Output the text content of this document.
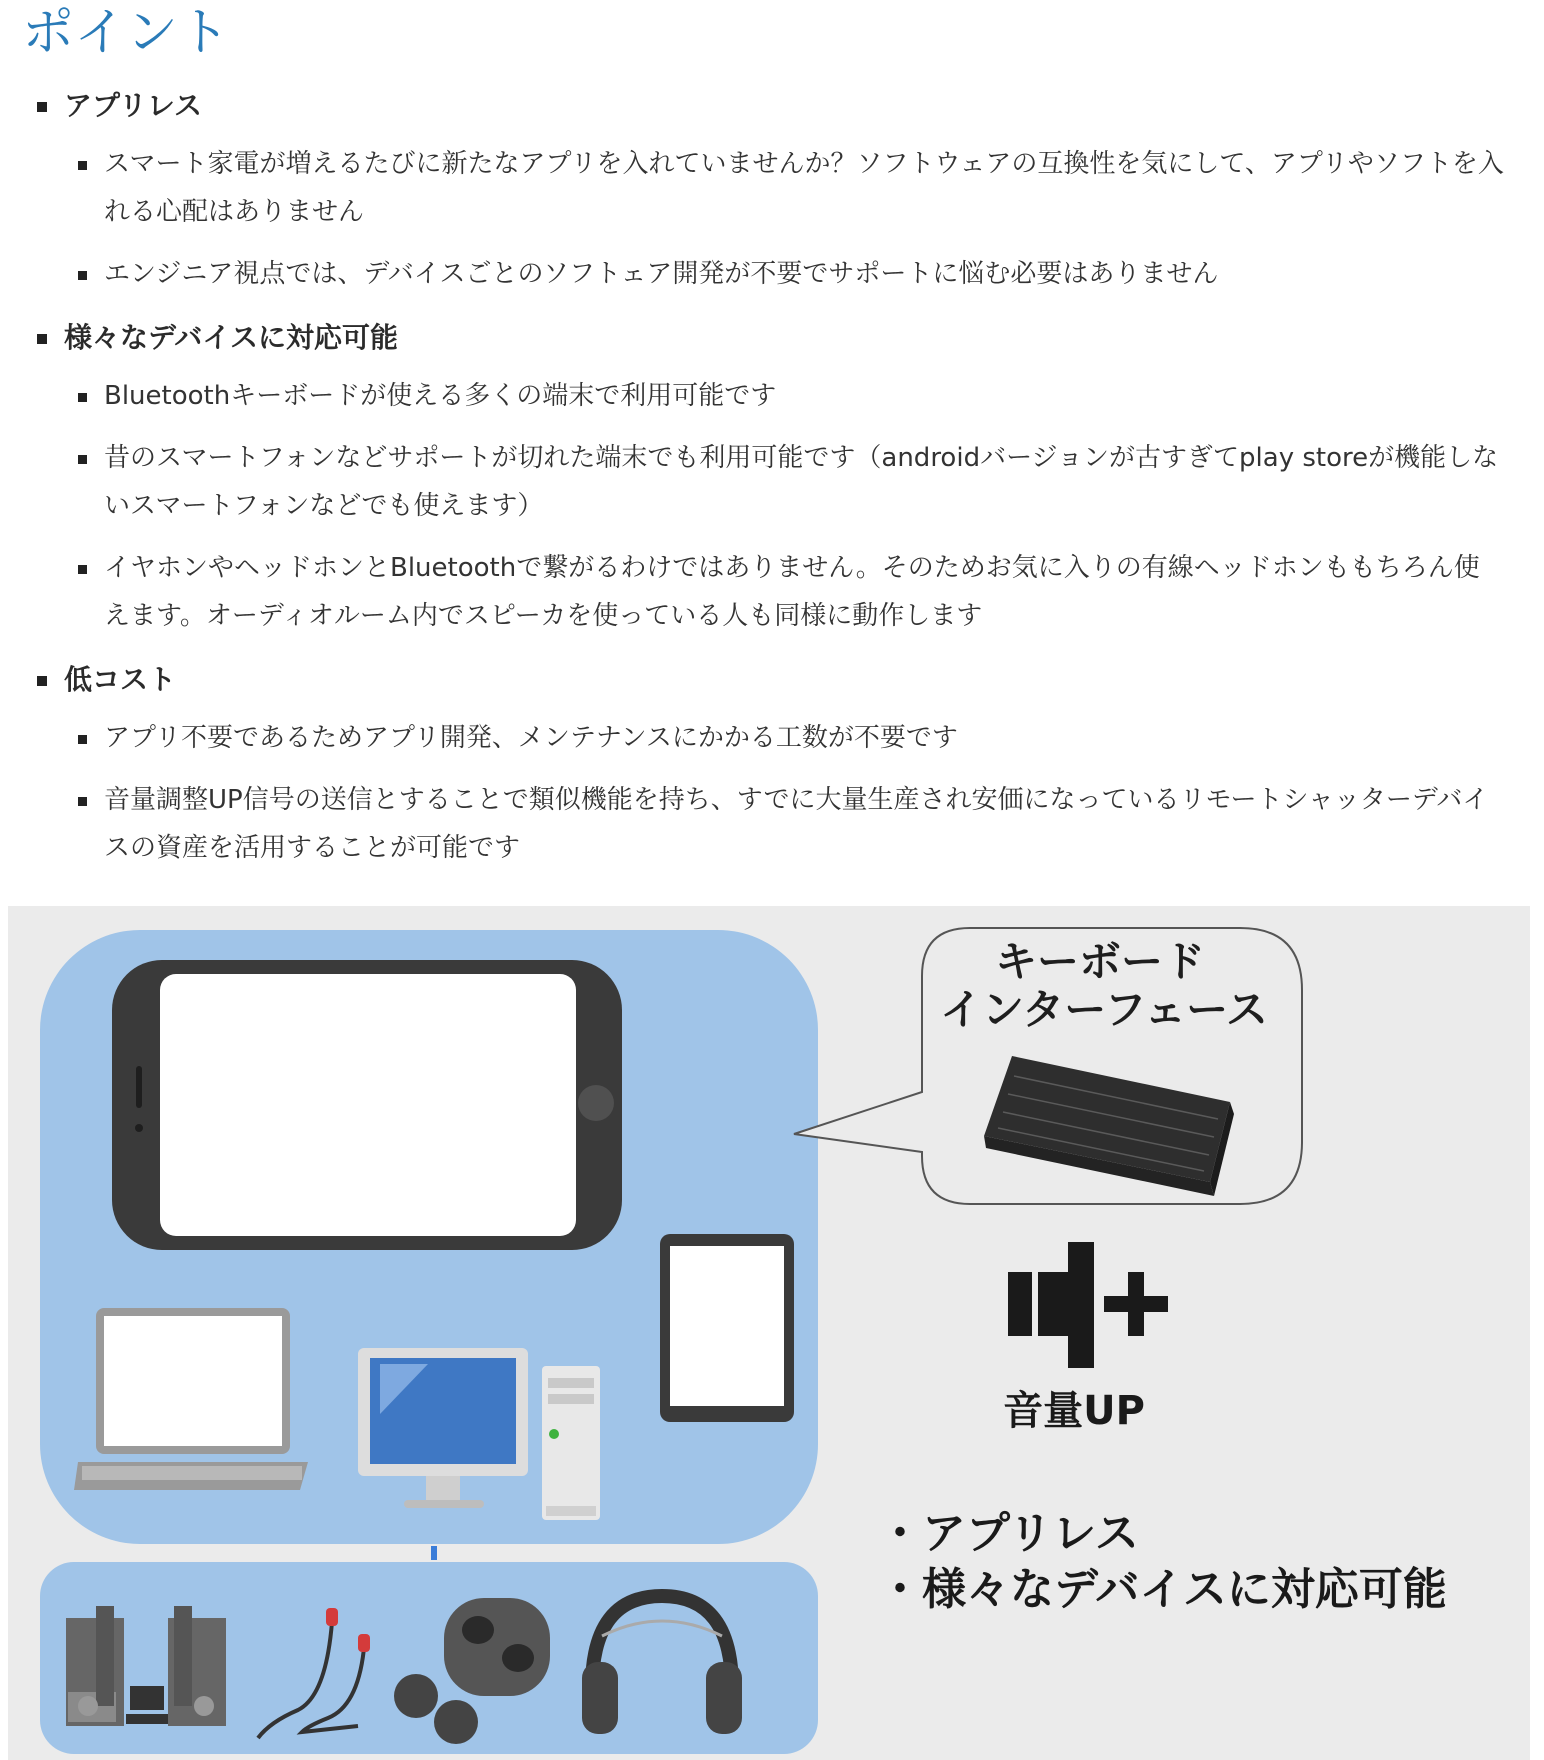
ポイント
アプリレス
スマート家電が増えるたびに新たなアプリを入れていませんか？ソフトウェアの互換性を気にして、アプリやソフトを入れる心配はありません
エンジニア視点では、デバイスごとのソフトェア開発が不要でサポートに悩む必要はありません
様々なデバイスに対応可能
Bluetoothキーボードが使える多くの端末で利用可能です
昔のスマートフォンなどサポートが切れた端末でも利用可能です（androidバージョンが古すぎてplay storeが機能しないスマートフォンなどでも使えます）
イヤホンやヘッドホンとBluetoothで繋がるわけではありません。そのためお気に入りの有線ヘッドホンももちろん使えます。オーディオルーム内でスピーカを使っている人も同様に動作します
低コスト
アプリ不要であるためアプリ開発、メンテナンスにかかる工数が不要です
音量調整UP信号の送信とすることで類似機能を持ち、すでに大量生産され安価になっているリモートシャッターデバイスの資産を活用することが可能です
キーボード
インターフェース
音量UP
・アプリレス
・様々なデバイスに対応可能
